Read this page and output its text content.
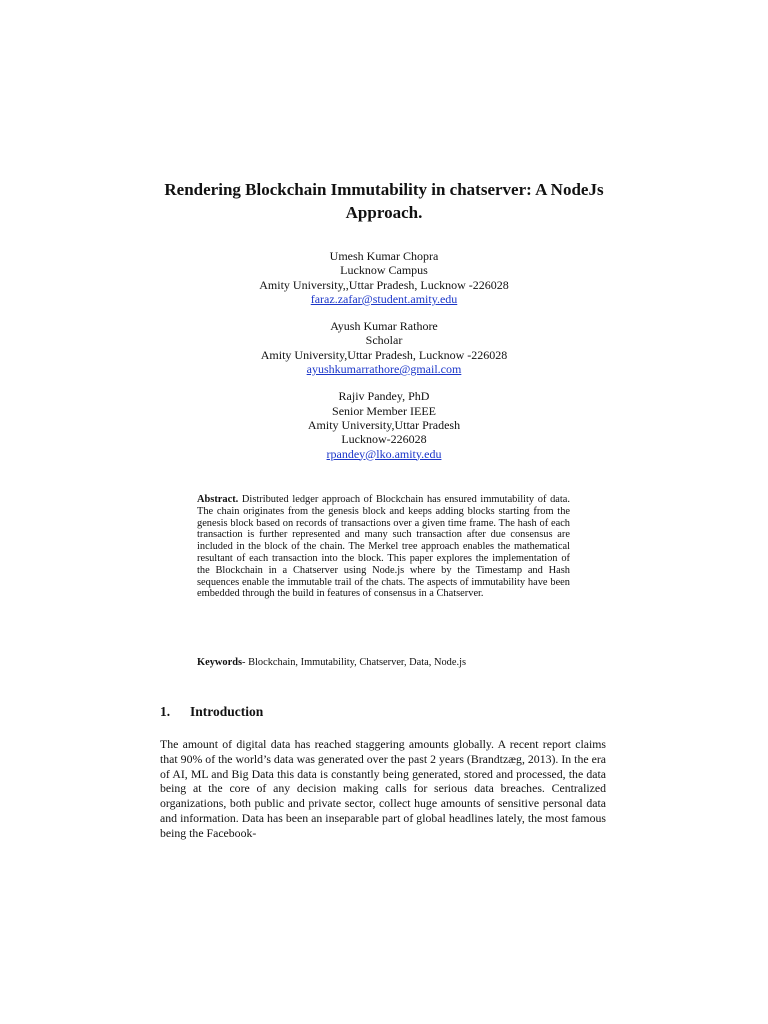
Rendering Blockchain Immutability in chatserver: A NodeJs Approach.
Umesh Kumar Chopra
Lucknow Campus
Amity University,,Uttar Pradesh, Lucknow -226028
faraz.zafar@student.amity.edu
Ayush Kumar Rathore
Scholar
Amity University,Uttar Pradesh, Lucknow -226028
ayushkumarrathore@gmail.com
Rajiv Pandey, PhD
Senior Member IEEE
Amity University,Uttar Pradesh
Lucknow-226028
rpandey@lko.amity.edu
Abstract. Distributed ledger approach of Blockchain has ensured immutability of data. The chain originates from the genesis block and keeps adding blocks starting from the genesis block based on records of transactions over a given time frame. The hash of each transaction is further represented and many such transaction after due consensus are included in the block of the chain. The Merkel tree approach enables the mathematical resultant of each transaction into the block. This paper explores the implementation of the Blockchain in a Chatserver using Node.js where by the Timestamp and Hash sequences enable the immutable trail of the chats. The aspects of immutability have been embedded through the build in features of consensus in a Chatserver.
Keywords- Blockchain, Immutability, Chatserver, Data, Node.js
1. Introduction
The amount of digital data has reached staggering amounts globally. A recent report claims that 90% of the world’s data was generated over the past 2 years (Brandtzæg, 2013). In the era of AI, ML and Big Data this data is constantly being generated, stored and processed, the data being at the core of any decision making calls for serious data breaches. Centralized organizations, both public and private sector, collect huge amounts of sensitive personal data and information. Data has been an inseparable part of global headlines lately, the most famous being the Facebook-
